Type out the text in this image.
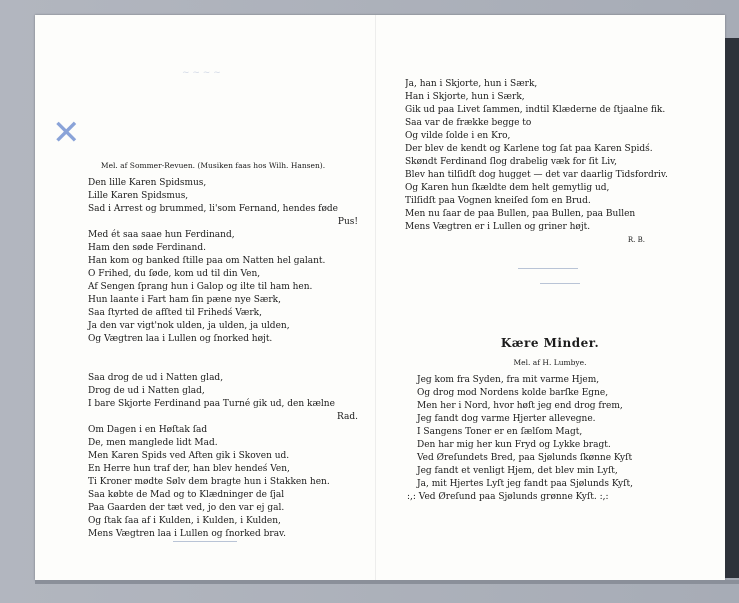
~ ~ ~ ~
✕
Mel. af Sommer-Revuen. (Musiken faas hos Wilh. Hansen).
Den lille Karen Spidsmus,
Lille Karen Spidsmus,
Sad i Arrest og brummed, li'som Fernand, hendes føde
Pus!
Med ét saa saae hun Ferdinand,
Ham den søde Ferdinand.
Han kom og banked ſtille paa om Natten hel galant.
O Frihed, du ſøde, kom ud til din Ven,
Af Sengen ſprang hun i Galop og ilte til ham hen.
Hun laante i Fart ham ſin pæne nye Særk,
Saa ſtyrted de afſted til Frihedś Værk,
Ja den var vigt'nok ulden, ja ulden, ja ulden,
Og Vægtren laa i Lullen og ſnorked højt.
Saa drog de ud i Natten glad,
Drog de ud i Natten glad,
I bare Skjorte Ferdinand paa Turné gik ud, den kælne
Rad.
Om Dagen i en Høſtak ſad
De, men manglede lidt Mad.
Men Karen Spids ved Aften gik i Skoven ud.
En Herre hun traf der, han blev hendeś Ven,
Ti Kroner mødte Sølv dem bragte hun i Stakken hen.
Saa købte de Mad og to Klædninger de ſjal
Paa Gaarden der tæt ved, jo den var ej gal.
Og ſtak ſaa af i Kulden, i Kulden, i Kulden,
Mens Vægtren laa i Lullen og ſnorked brav.
Ja, han i Skjorte, hun i Særk,
Han i Skjorte, hun i Særk,
Gik ud paa Livet ſammen, indtil Klæderne de ſtjaalne fik.
Saa var de frække begge to
Og vilde ſolde i en Kro,
Der blev de kendt og Karlene tog ſat paa Karen Spidś.
Skøndt Ferdinand ſlog drabelig væk for ſit Liv,
Blev han tilſidſt dog hugget — det var daarlig Tidsfordriv.
Og Karen hun ſkældte dem helt gemytlig ud,
Tilſidſt paa Vognen kneiſed ſom en Brud.
Men nu ſaar de paa Bullen, paa Bullen, paa Bullen
Mens Vægtren er i Lullen og griner højt.
R. B.
Kære Minder.
Mel. af H. Lumbye.
Jeg kom fra Syden, fra mit varme Hjem,
Og drog mod Nordens kolde barſke Egne,
Men her i Nord, hvor høſt jeg end drog frem,
Jeg fandt dog varme Hjerter allevegne.
I Sangens Toner er en ſælſom Magt,
Den har mig her kun Fryd og Lykke bragt.
Ved Øreſundets Bred, paa Sjølunds ſkønne Kyſt
Jeg fandt et venligt Hjem, det blev min Lyſt,
Ja, mit Hjertes Lyſt jeg fandt paa Sjølunds Kyſt,
:,: Ved Øreſund paa Sjølunds grønne Kyſt. :,:
